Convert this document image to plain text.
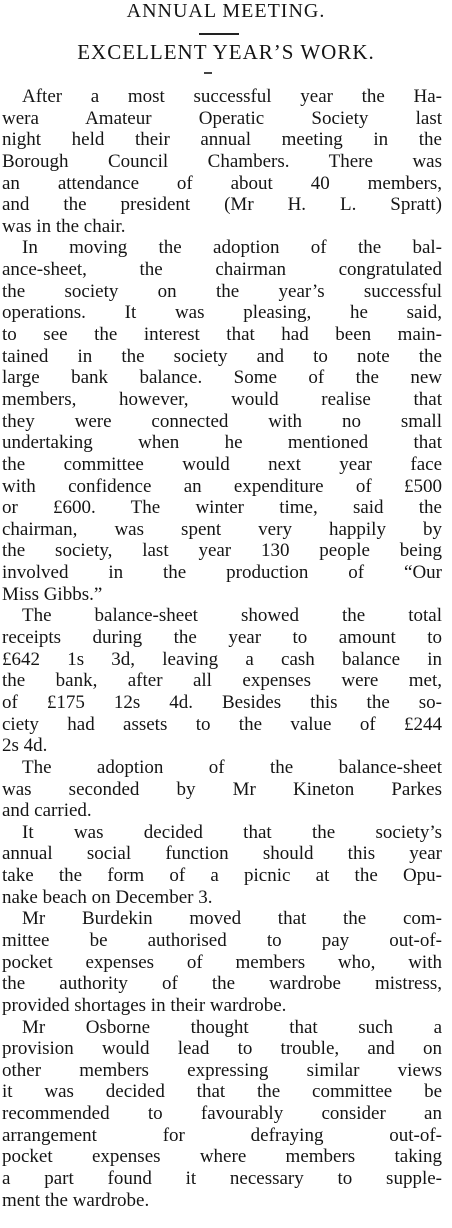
ANNUAL MEETING.
EXCELLENT YEAR’S WORK.
After a most successful year the Ha-
wera Amateur Operatic Society last
night held their annual meeting in the
Borough Council Chambers. There was
an attendance of about 40 members,
and the president (Mr H. L. Spratt)
was in the chair.
In moving the adoption of the bal-
ance-sheet, the chairman congratulated
the society on the year’s successful
operations. It was pleasing, he said,
to see the interest that had been main-
tained in the society and to note the
large bank balance. Some of the new
members, however, would realise that
they were connected with no small
undertaking when he mentioned that
the committee would next year face
with confidence an expenditure of £500
or £600. The winter time, said the
chairman, was spent very happily by
the society, last year 130 people being
involved in the production of “Our
Miss Gibbs.”
The balance-sheet showed the total
receipts during the year to amount to
£642 1s 3d, leaving a cash balance in
the bank, after all expenses were met,
of £175 12s 4d. Besides this the so-
ciety had assets to the value of £244
2s 4d.
The adoption of the balance-sheet
was seconded by Mr Kineton Parkes
and carried.
It was decided that the society’s
annual social function should this year
take the form of a picnic at the Opu-
nake beach on December 3.
Mr Burdekin moved that the com-
mittee be authorised to pay out-of-
pocket expenses of members who, with
the authority of the wardrobe mistress,
provided shortages in their wardrobe.
Mr Osborne thought that such a
provision would lead to trouble, and on
other members expressing similar views
it was decided that the committee be
recommended to favourably consider an
arrangement for defraying out-of-
pocket expenses where members taking
a part found it necessary to supple-
ment the wardrobe.
